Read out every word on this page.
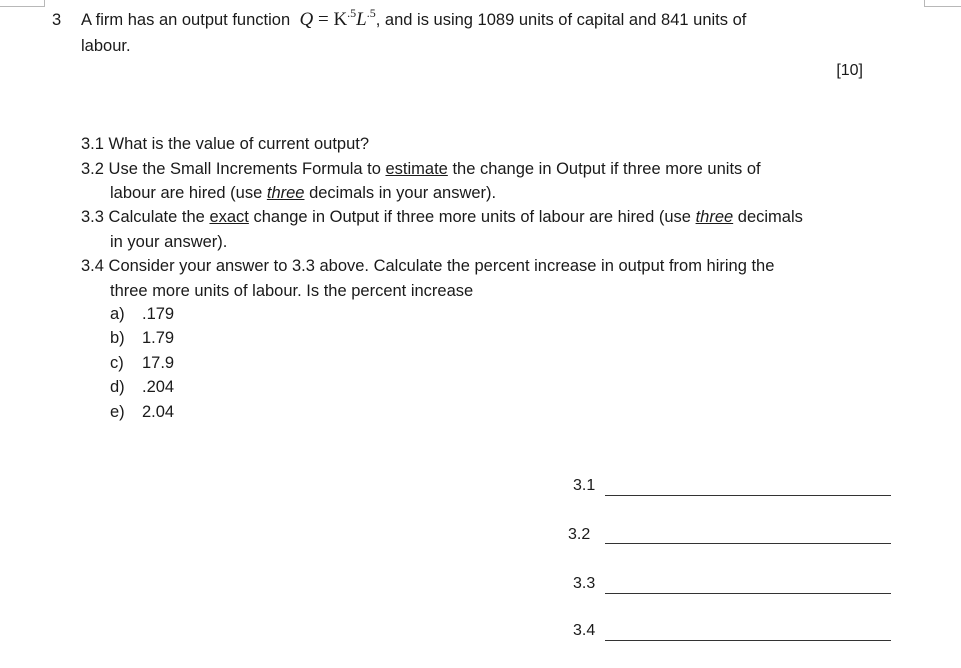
3 A firm has an output function $Q = K^{.5}L^{.5}$, and is using 1089 units of capital and 841 units of
labour.
[10]
3.1 What is the value of current output?
3.2 Use the Small Increments Formula to estimate the change in Output if three more units of
labour are hired (use three decimals in your answer).
3.3 Calculate the exact change in Output if three more units of labour are hired (use three decimals
in your answer).
3.4 Consider your answer to 3.3 above. Calculate the percent increase in output from hiring the
three more units of labour. Is the percent increase
a) .179
b) 1.79
c) 17.9
d) .204
e) 2.04
3.1
3.2
3.3
3.4
